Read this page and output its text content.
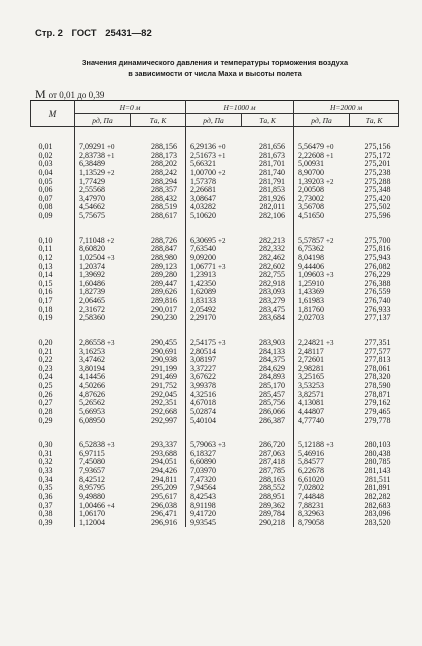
Стр. 2 ГОСТ 25431—82
Значения динамического давления и температуры торможения воздуха
в зависимости от числа Маха и высоты полета
M от 0,01 до 0,39
M	H=0 м		H=1000 м		H=2000 м	
	pд, Па	Tа, К	pд, Па	Tа, К	pд, Па	Tа, К

0,01	7,09291 +0	288,156	6,29136 +0	281,656	5,56479 +0	275,156
0,02	2,83738 +1	288,173	2,51673 +1	281,673	2,22608 +1	275,172
0,03	6,38489	288,202	5,66321	281,701	5,00931	275,201
0,04	1,13529 +2	288,242	1,00700 +2	281,740	8,90700	275,238
0,05	1,77429	288,294	1,57378	281,791	1,39203 +2	275,288
0,06	2,55568	288,357	2,26681	281,853	2,00508	275,348
0,07	3,47970	288,432	3,08647	281,926	2,73002	275,420
0,08	4,54662	288,519	4,03282	282,011	3,56708	275,502
0,09	5,75675	288,617	5,10620	282,106	4,51650	275,596

0,10	7,11048 +2	288,726	6,30695 +2	282,213	5,57857 +2	275,700
0,11	8,60820	288,847	7,63540	282,332	6,75362	275,816
0,12	1,02504 +3	288,980	9,09200	282,462	8,04198	275,943
0,13	1,20374	289,123	1,06771 +3	282,602	9,44406	276,082
0,14	1,39692	289,280	1,23913	282,755	1,09603 +3	276,229
0,15	1,60486	289,447	1,42350	282,918	1,25910	276,388
0,16	1,82739	289,626	1,62089	283,093	1,43369	276,559
0,17	2,06465	289,816	1,83133	283,279	1,61983	276,740
0,18	2,31672	290,017	2,05492	283,475	1,81760	276,933
0,19	2,58360	290,230	2,29170	283,684	2,02703	277,137

0,20	2,86558 +3	290,455	2,54175 +3	283,903	2,24821 +3	277,351
0,21	3,16253	290,691	2,80514	284,133	2,48117	277,577
0,22	3,47462	290,938	3,08197	284,375	2,72601	277,813
0,23	3,80194	291,199	3,37227	284,629	2,98281	278,061
0,24	4,14456	291,469	3,67622	284,893	3,25165	278,320
0,25	4,50266	291,752	3,99378	285,170	3,53253	278,590
0,26	4,87626	292,045	4,32516	285,457	3,82571	278,871
0,27	5,26562	292,351	4,67018	285,756	4,13081	279,162
0,28	5,66953	292,668	5,02874	286,066	4,44807	279,465
0,29	6,08950	292,997	5,40104	286,387	4,77740	279,778

0,30	6,52838 +3	293,337	5,79063 +3	286,720	5,12188 +3	280,103
0,31	6,97115	293,688	6,18327	287,063	5,46916	280,438
0,32	7,45080	294,051	6,60890	287,418	5,84577	280,785
0,33	7,93657	294,426	7,03970	287,785	6,22678	281,143
0,34	8,42512	294,811	7,47320	288,163	6,61020	281,511
0,35	8,95795	295,209	7,94564	288,552	7,02802	281,891
0,36	9,49880	295,617	8,42543	288,951	7,44848	282,282
0,37	1,00466 +4	296,038	8,91198	289,362	7,88231	282,683
0,38	1,06170	296,471	9,41720	289,784	8,32963	283,096
0,39	1,12004	296,916	9,93545	290,218	8,79058	283,520
